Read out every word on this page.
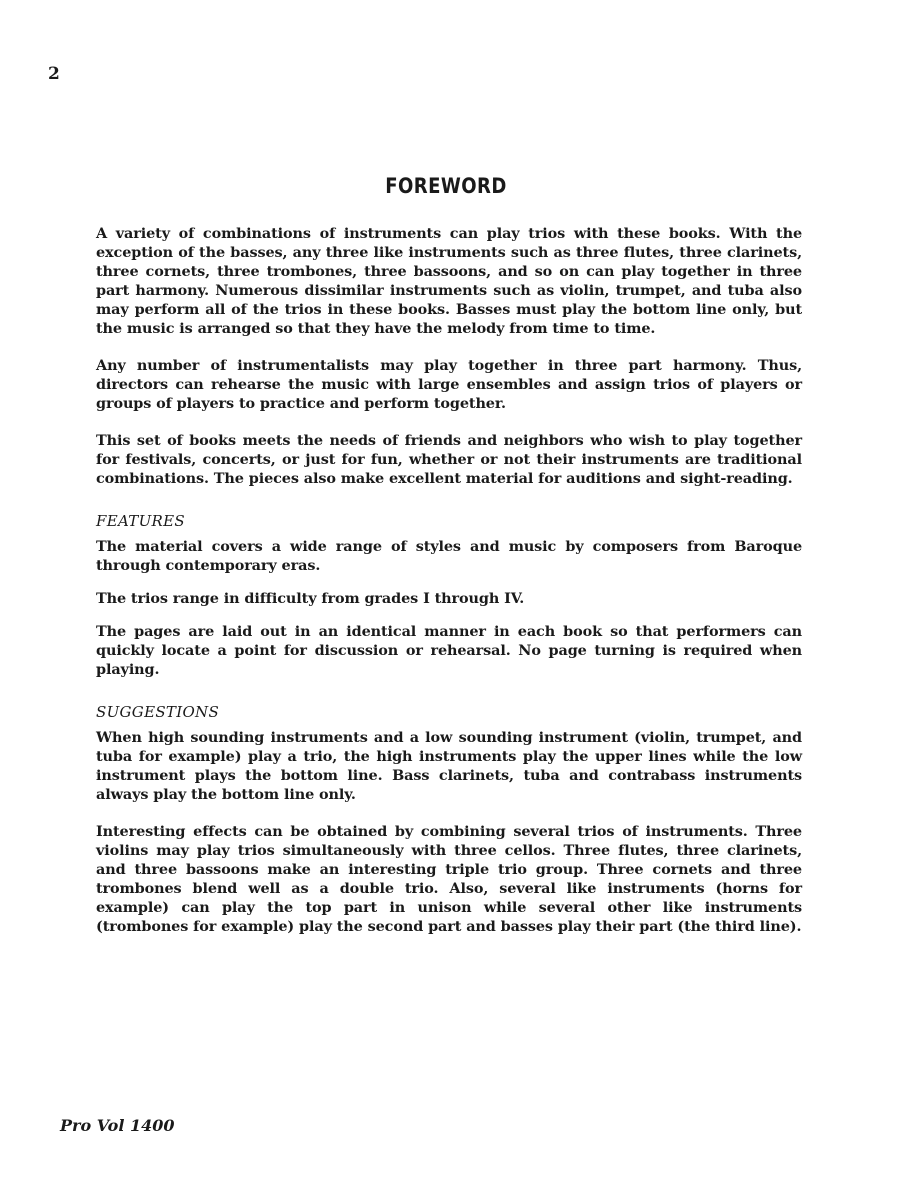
2
FOREWORD

A variety of combinations of instruments can play trios with these books. With the exception of the basses, any three like instruments such as three flutes, three clarinets, three cornets, three trombones, three bassoons, and so on can play together in three part harmony. Numerous dissimilar instruments such as violin, trumpet, and tuba also may perform all of the trios in these books. Basses must play the bottom line only, but the music is arranged so that they have the melody from time to time.

Any number of instrumentalists may play together in three part harmony. Thus, directors can rehearse the music with large ensembles and assign trios of players or groups of players to practice and perform together.

This set of books meets the needs of friends and neighbors who wish to play together for festivals, concerts, or just for fun, whether or not their instruments are traditional combinations. The pieces also make excellent material for auditions and sight-reading.

FEATURES

The material covers a wide range of styles and music by composers from Baroque through contemporary eras.

The trios range in difficulty from grades I through IV.

The pages are laid out in an identical manner in each book so that performers can quickly locate a point for discussion or rehearsal. No page turning is required when playing.

SUGGESTIONS

When high sounding instruments and a low sounding instrument (violin, trumpet, and tuba for example) play a trio, the high instruments play the upper lines while the low instrument plays the bottom line. Bass clarinets, tuba and contrabass instruments always play the bottom line only.

Interesting effects can be obtained by combining several trios of instruments. Three violins may play trios simultaneously with three cellos. Three flutes, three clarinets, and three bassoons make an interesting triple trio group. Three cornets and three trombones blend well as a double trio. Also, several like instruments (horns for example) can play the top part in unison while several other like instruments (trombones for example) play the second part and basses play their part (the third line).

Pro Vol 1400
